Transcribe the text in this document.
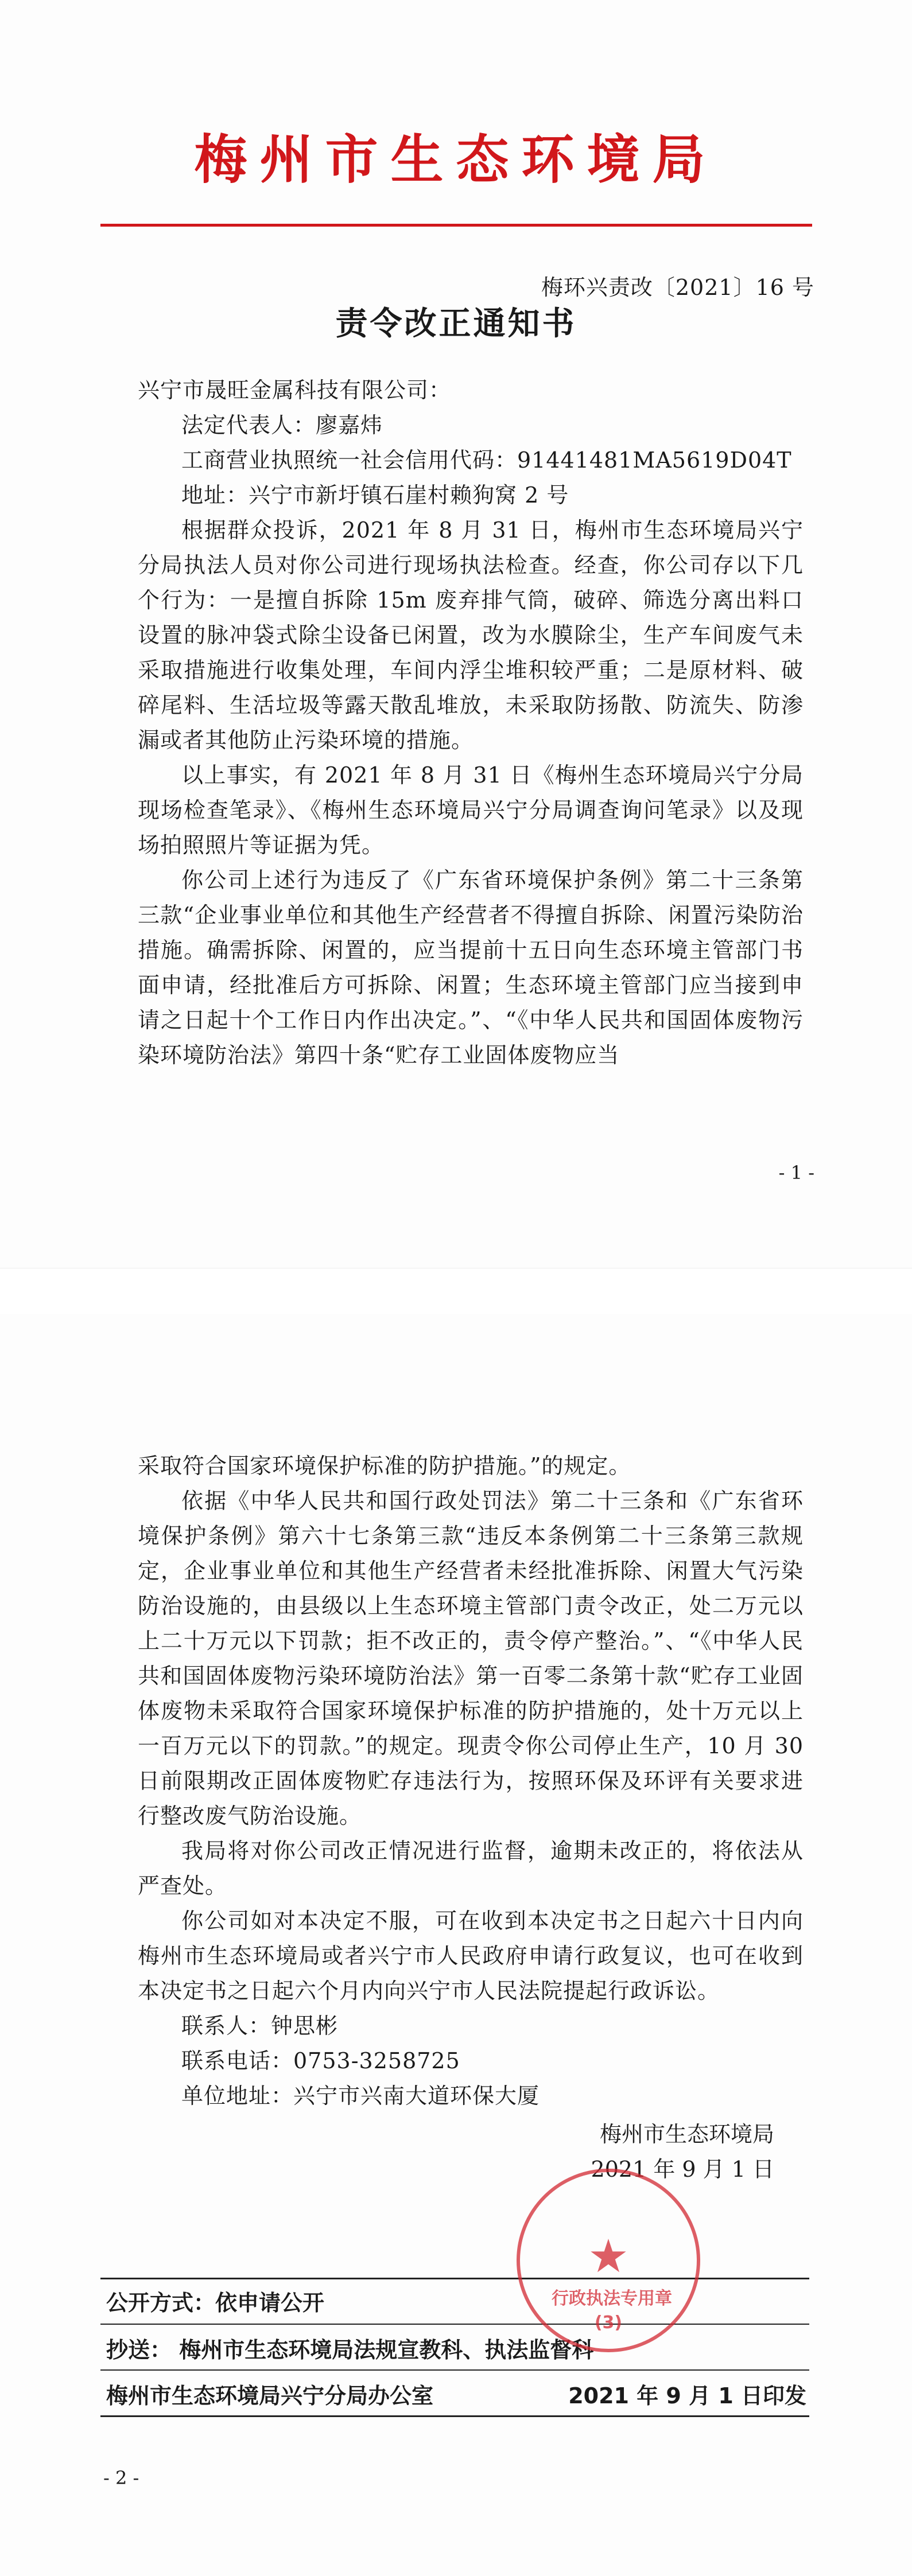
梅州市生态环境局
梅环兴责改〔2021〕16 号
责令改正通知书

兴宁市晟旺金属科技有限公司：

法定代表人：廖嘉炜

工商营业执照统一社会信用代码：91441481MA5619D04T

地址：兴宁市新圩镇石崖村赖狗窝 2 号

根据群众投诉，2021 年 8 月 31 日，梅州市生态环境局兴宁分局执法人员对你公司进行现场执法检查。经查，你公司存以下几个行为：一是擅自拆除 15m 废弃排气筒，破碎、筛选分离出料口设置的脉冲袋式除尘设备已闲置，改为水膜除尘，生产车间废气未采取措施进行收集处理，车间内浮尘堆积较严重；二是原材料、破碎尾料、生活垃圾等露天散乱堆放，未采取防扬散、防流失、防渗漏或者其他防止污染环境的措施。

以上事实，有 2021 年 8 月 31 日《梅州生态环境局兴宁分局现场检查笔录》、《梅州生态环境局兴宁分局调查询问笔录》以及现场拍照照片等证据为凭。

你公司上述行为违反了《广东省环境保护条例》第二十三条第三款“企业事业单位和其他生产经营者不得擅自拆除、闲置污染防治措施。确需拆除、闲置的，应当提前十五日向生态环境主管部门书面申请，经批准后方可拆除、闲置；生态环境主管部门应当接到申请之日起十个工作日内作出决定。”、“《中华人民共和国固体废物污染环境防治法》第四十条“贮存工业固体废物应当

- 1 -

采取符合国家环境保护标准的防护措施。”的规定。

依据《中华人民共和国行政处罚法》第二十三条和《广东省环境保护条例》第六十七条第三款“违反本条例第二十三条第三款规定，企业事业单位和其他生产经营者未经批准拆除、闲置大气污染防治设施的，由县级以上生态环境主管部门责令改正，处二万元以上二十万元以下罚款；拒不改正的，责令停产整治。”、“《中华人民共和国固体废物污染环境防治法》第一百零二条第十款“贮存工业固体废物未采取符合国家环境保护标准的防护措施的，处十万元以上一百万元以下的罚款。”的规定。现责令你公司停止生产，10 月 30 日前限期改正固体废物贮存违法行为，按照环保及环评有关要求进行整改废气防治设施。

我局将对你公司改正情况进行监督，逾期未改正的，将依法从严查处。

你公司如对本决定不服，可在收到本决定书之日起六十日内向梅州市生态环境局或者兴宁市人民政府申请行政复议，也可在收到本决定书之日起六个月内向兴宁市人民法院提起行政诉讼。

联系人：钟思彬

联系电话：0753-3258725

单位地址：兴宁市兴南大道环保大厦

梅州市生态环境局
2021 年 9 月 1 日
公开方式：依申请公开
抄送： 梅州市生态环境局法规宣教科、执法监督科
梅州市生态环境局兴宁分局办公室	2021 年 9 月 1 日印发
- 2 -
★
行政执法专用章
(3)
